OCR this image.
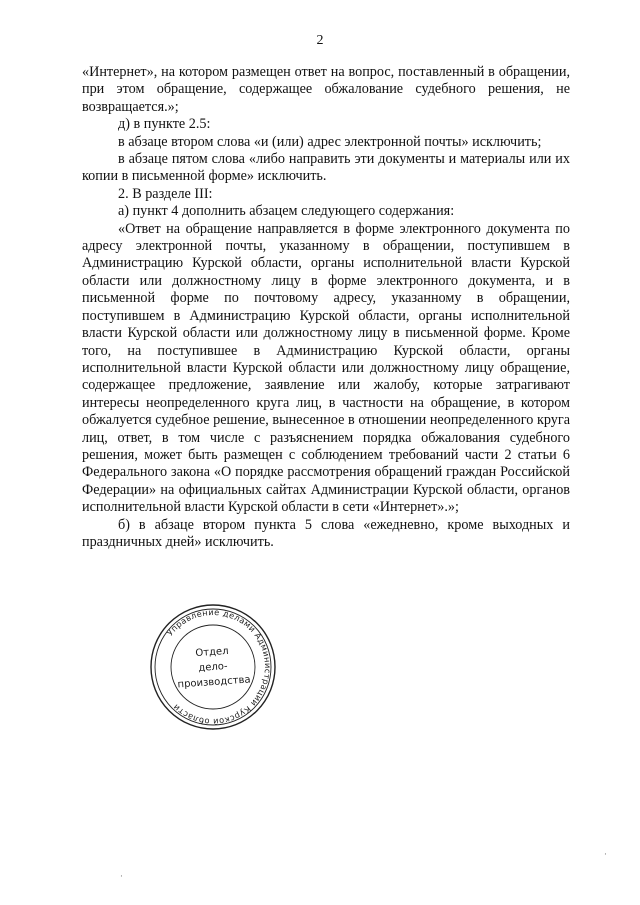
2

«Интернет», на котором размещен ответ на вопрос, поставленный в обращении, при этом обращение, содержащее обжалование судебного решения, не возвращается.»;

д) в пункте 2.5:

в абзаце втором слова «и (или) адрес электронной почты» исключить;

в абзаце пятом слова «либо направить эти документы и материалы или их копии в письменной форме» исключить.

2. В разделе III:

а) пункт 4 дополнить абзацем следующего содержания:

«Ответ на обращение направляется в форме электронного документа по адресу электронной почты, указанному в обращении, поступившем в Администрацию Курской области, органы исполнительной власти Курской области или должностному лицу в форме электронного документа, и в письменной форме по почтовому адресу, указанному в обращении, поступившем в Администрацию Курской области, органы исполнительной власти Курской области или должностному лицу в письменной форме. Кроме того, на поступившее в Администрацию Курской области, органы исполнительной власти Курской области или должностному лицу обращение, содержащее предложение, заявление или жалобу, которые затрагивают интересы неопределенного круга лиц, в частности на обращение, в котором обжалуется судебное решение, вынесенное в отношении неопределенного круга лиц, ответ, в том числе с разъяснением порядка обжалования судебного решения, может быть размещен с соблюдением требований части 2 статьи 6 Федерального закона «О порядке рассмотрения обращений граждан Российской Федерации» на официальных сайтах Администрации Курской области, органов исполнительной власти Курской области в сети «Интернет».»;

б) в абзаце втором пункта 5 слова «ежедневно, кроме выходных и праздничных дней» исключить.

Управление делами Администрации Курской области
Отдел
дело-
производства
·
·
